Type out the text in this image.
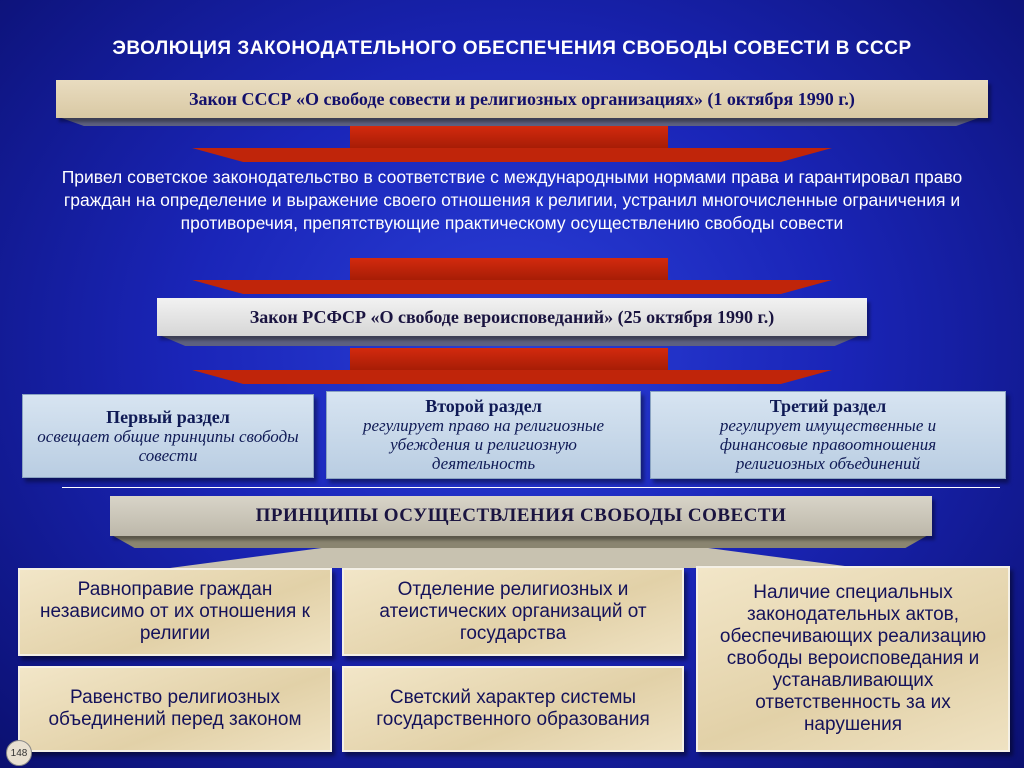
ЭВОЛЮЦИЯ ЗАКОНОДАТЕЛЬНОГО ОБЕСПЕЧЕНИЯ СВОБОДЫ СОВЕСТИ В СССР
Закон СССР «О свободе совести и религиозных организациях» (1 октября 1990 г.)
Привел советское законодательство в соответствие с международными нормами права и гарантировал право граждан на определение и выражение своего отношения к религии, устранил многочисленные ограничения и противоречия, препятствующие практическому осуществлению свободы совести
Закон РСФСР «О свободе вероисповеданий» (25 октября 1990 г.)
Первый раздел
освещает общие принципы свободы совести
Второй раздел
регулирует право на религиозные убеждения и религиозную деятельность
Третий раздел
регулирует имущественные и финансовые правоотношения религиозных объединений
ПРИНЦИПЫ ОСУЩЕСТВЛЕНИЯ СВОБОДЫ СОВЕСТИ
Равноправие граждан независимо от их отношения к религии
Отделение религиозных и атеистических организаций от государства
Наличие специальных законодательных актов, обеспечивающих реализацию свободы вероисповедания и устанавливающих ответственность за их нарушения
Равенство религиозных объединений перед законом
Светский характер системы государственного образования
148
